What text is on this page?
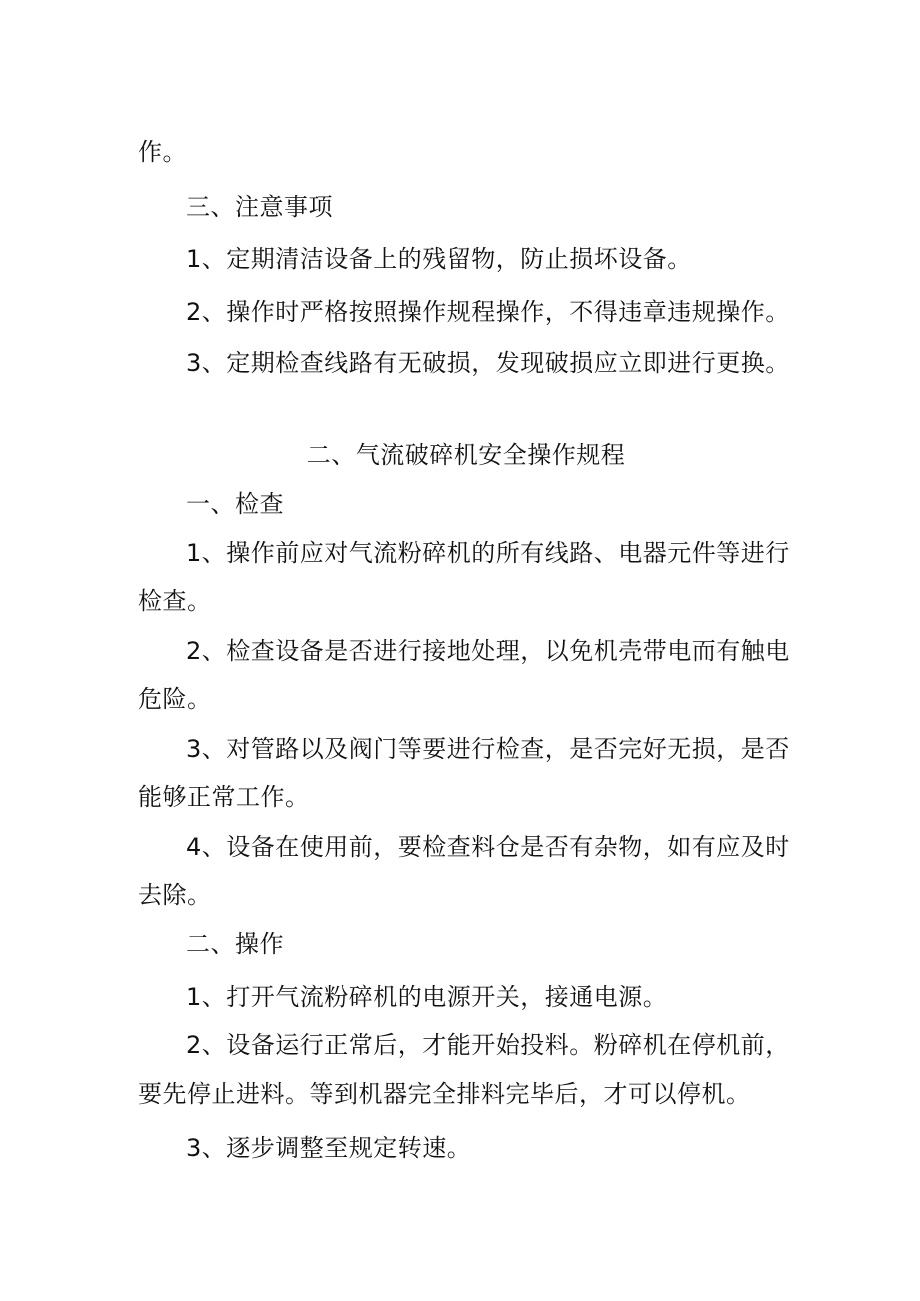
作。
三、注意事项
1、定期清洁设备上的残留物，防止损坏设备。
2、操作时严格按照操作规程操作，不得违章违规操作。
3、定期检查线路有无破损，发现破损应立即进行更换。
二、气流破碎机安全操作规程
一、检查
1、操作前应对气流粉碎机的所有线路、电器元件等进行
检查。
2、检查设备是否进行接地处理，以免机壳带电而有触电
危险。
3、对管路以及阀门等要进行检查，是否完好无损，是否
能够正常工作。
4、设备在使用前，要检查料仓是否有杂物，如有应及时
去除。
二、操作
1、打开气流粉碎机的电源开关，接通电源。
2、设备运行正常后，才能开始投料。粉碎机在停机前，
要先停止进料。等到机器完全排料完毕后，才可以停机。
3、逐步调整至规定转速。
